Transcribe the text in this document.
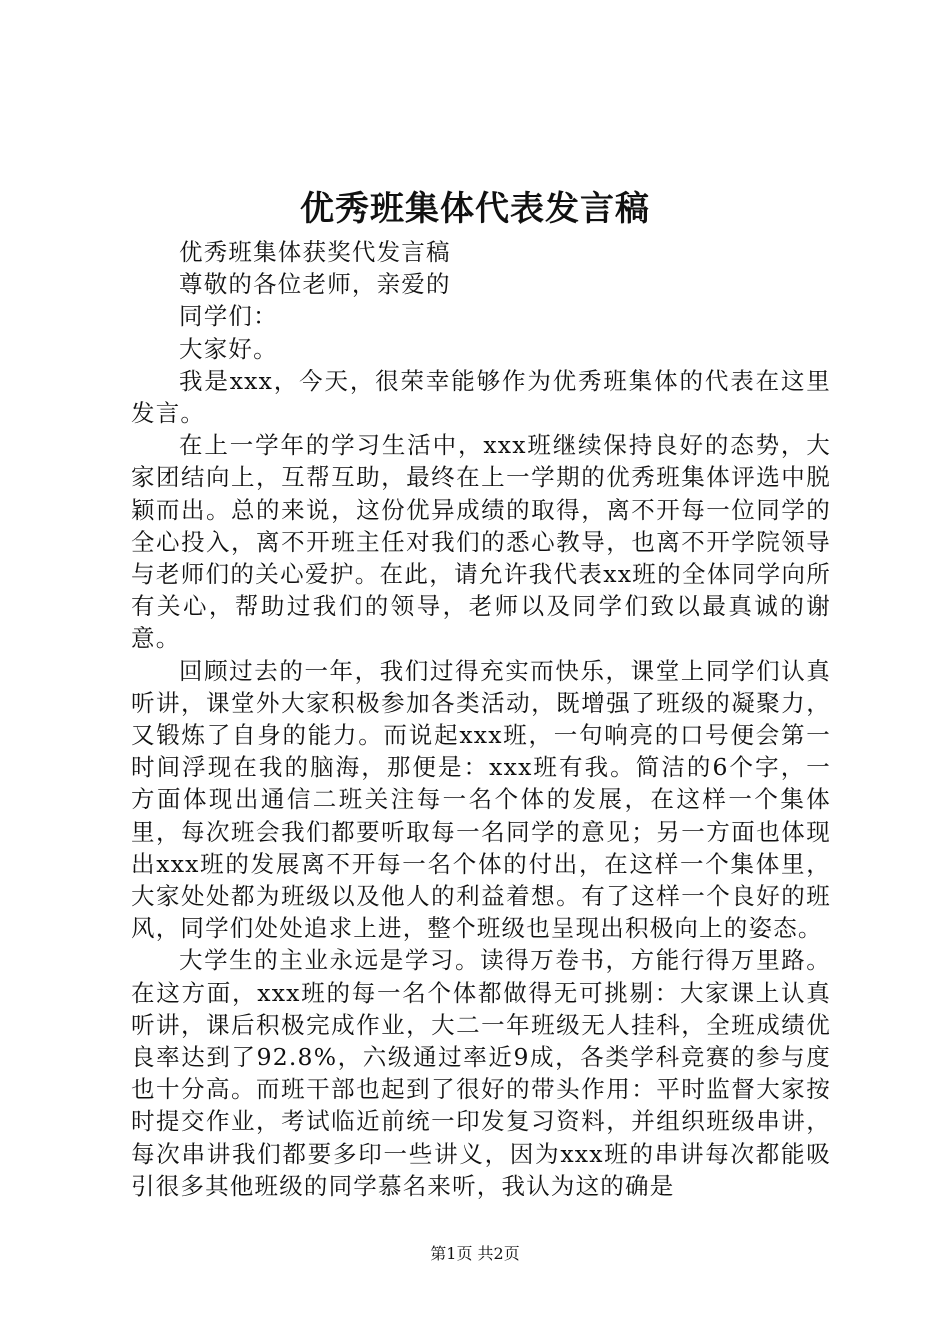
优秀班集体代表发言稿

优秀班集体获奖代发言稿

尊敬的各位老师，亲爱的

同学们：

大家好。

我是xxx，今天，很荣幸能够作为优秀班集体的代表在这里发言。

在上一学年的学习生活中，xxx班继续保持良好的态势，大家团结向上，互帮互助，最终在上一学期的优秀班集体评选中脱颖而出。总的来说，这份优异成绩的取得，离不开每一位同学的全心投入，离不开班主任对我们的悉心教导，也离不开学院领导与老师们的关心爱护。在此，请允许我代表xx班的全体同学向所有关心，帮助过我们的领导，老师以及同学们致以最真诚的谢意。

回顾过去的一年，我们过得充实而快乐，课堂上同学们认真听讲，课堂外大家积极参加各类活动，既增强了班级的凝聚力，又锻炼了自身的能力。而说起xxx班，一句响亮的口号便会第一时间浮现在我的脑海，那便是：xxx班有我。简洁的6个字，一方面体现出通信二班关注每一名个体的发展，在这样一个集体里，每次班会我们都要听取每一名同学的意见；另一方面也体现出xxx班的发展离不开每一名个体的付出，在这样一个集体里，大家处处都为班级以及他人的利益着想。有了这样一个良好的班风，同学们处处追求上进，整个班级也呈现出积极向上的姿态。

大学生的主业永远是学习。读得万卷书，方能行得万里路。在这方面，xxx班的每一名个体都做得无可挑剔：大家课上认真听讲，课后积极完成作业，大二一年班级无人挂科，全班成绩优良率达到了92.8%，六级通过率近9成，各类学科竞赛的参与度也十分高。而班干部也起到了很好的带头作用：平时监督大家按时提交作业，考试临近前统一印发复习资料，并组织班级串讲，每次串讲我们都要多印一些讲义，因为xxx班的串讲每次都能吸引很多其他班级的同学慕名来听，我认为这的确是

第1页 共2页
